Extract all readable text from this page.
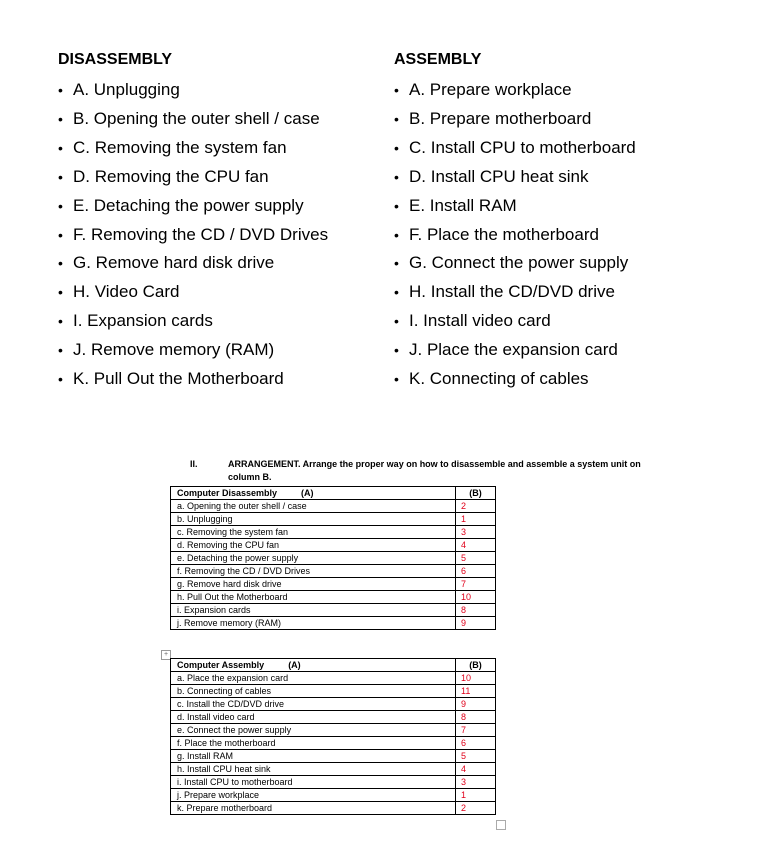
DISASSEMBLY
• A. Unplugging
• B. Opening the outer shell / case
• C. Removing the system fan
• D. Removing the CPU fan
• E. Detaching the power supply
• F. Removing the CD / DVD Drives
• G. Remove hard disk drive
• H. Video Card
• I. Expansion cards
• J. Remove memory (RAM)
• K. Pull Out the Motherboard
ASSEMBLY
• A. Prepare workplace
• B. Prepare motherboard
• C. Install CPU to motherboard
• D. Install CPU heat sink
• E. Install RAM
• F. Place the motherboard
• G. Connect the power supply
• H. Install the CD/DVD drive
• I. Install video card
• J. Place the expansion card
• K. Connecting of cables
II.	ARRANGEMENT. Arrange the proper way on how to disassemble and assemble a system unit on column B.
Computer Disassembly (A)	(B)
a. Opening the outer shell / case	2
b. Unplugging	1
c. Removing the system fan	3
d. Removing the CPU fan	4
e. Detaching the power supply	5
f. Removing the CD / DVD Drives	6
g. Remove hard disk drive	7
h. Pull Out the Motherboard	10
i. Expansion cards	8
j. Remove memory (RAM)	9
+
Computer Assembly (A)	(B)
a. Place the expansion card	10
b. Connecting of cables	11
c. Install the CD/DVD drive	9
d. Install video card	8
e. Connect the power supply	7
f. Place the motherboard	6
g. Install RAM	5
h. Install CPU heat sink	4
i. Install CPU to motherboard	3
j. Prepare workplace	1
k. Prepare motherboard	2
